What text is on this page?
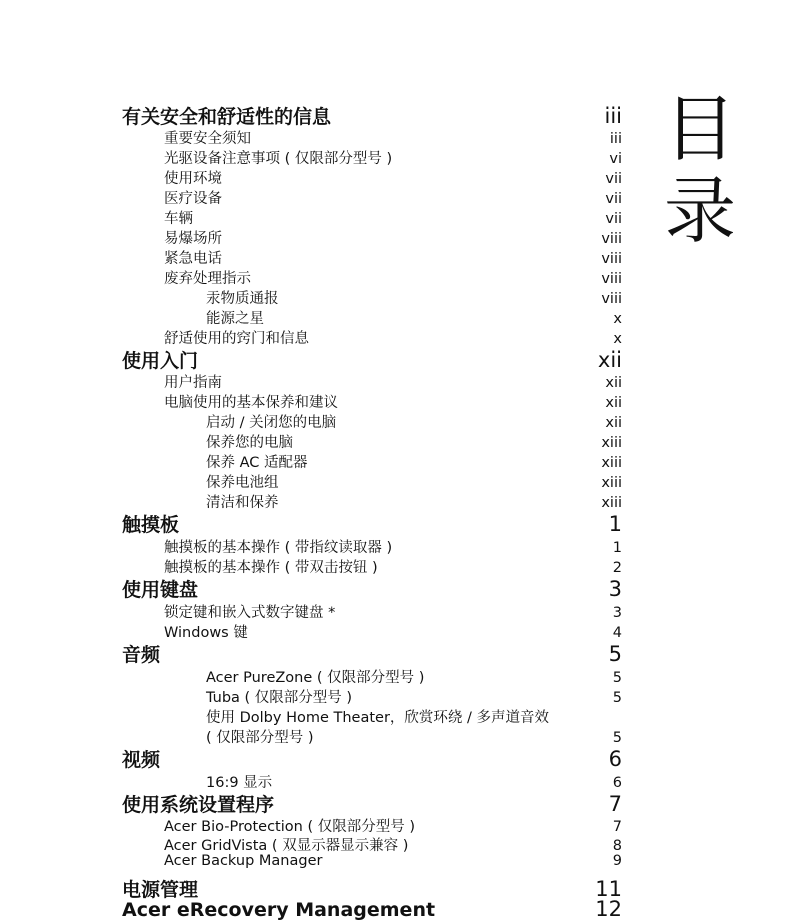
目
录
有关安全和舒适性的信息	iii
重要安全须知	iii
光驱设备注意事项 ( 仅限部分型号 )	vi
使用环境	vii
医疗设备	vii
车辆	vii
易爆场所	viii
紧急电话	viii
废弃处理指示	viii
汞物质通报	viii
能源之星	x
舒适使用的窍门和信息	x
使用入门	xii
用户指南	xii
电脑使用的基本保养和建议	xii
启动 / 关闭您的电脑	xii
保养您的电脑	xiii
保养 AC 适配器	xiii
保养电池组	xiii
清洁和保养	xiii
触摸板	1
触摸板的基本操作 ( 带指纹读取器 )	1
触摸板的基本操作 ( 带双击按钮 )	2
使用键盘	3
锁定键和嵌入式数字键盘 *	3
Windows 键	4
音频	5
Acer PureZone ( 仅限部分型号 )	5
Tuba ( 仅限部分型号 )	5
使用 Dolby Home Theater，欣赏环绕 / 多声道音效
( 仅限部分型号 )	5
视频	6
16:9 显示	6
使用系统设置程序	7
Acer Bio-Protection ( 仅限部分型号 )	7
Acer GridVista ( 双显示器显示兼容 )	8
Acer Backup Manager	9
电源管理	11
Acer eRecovery Management	12
